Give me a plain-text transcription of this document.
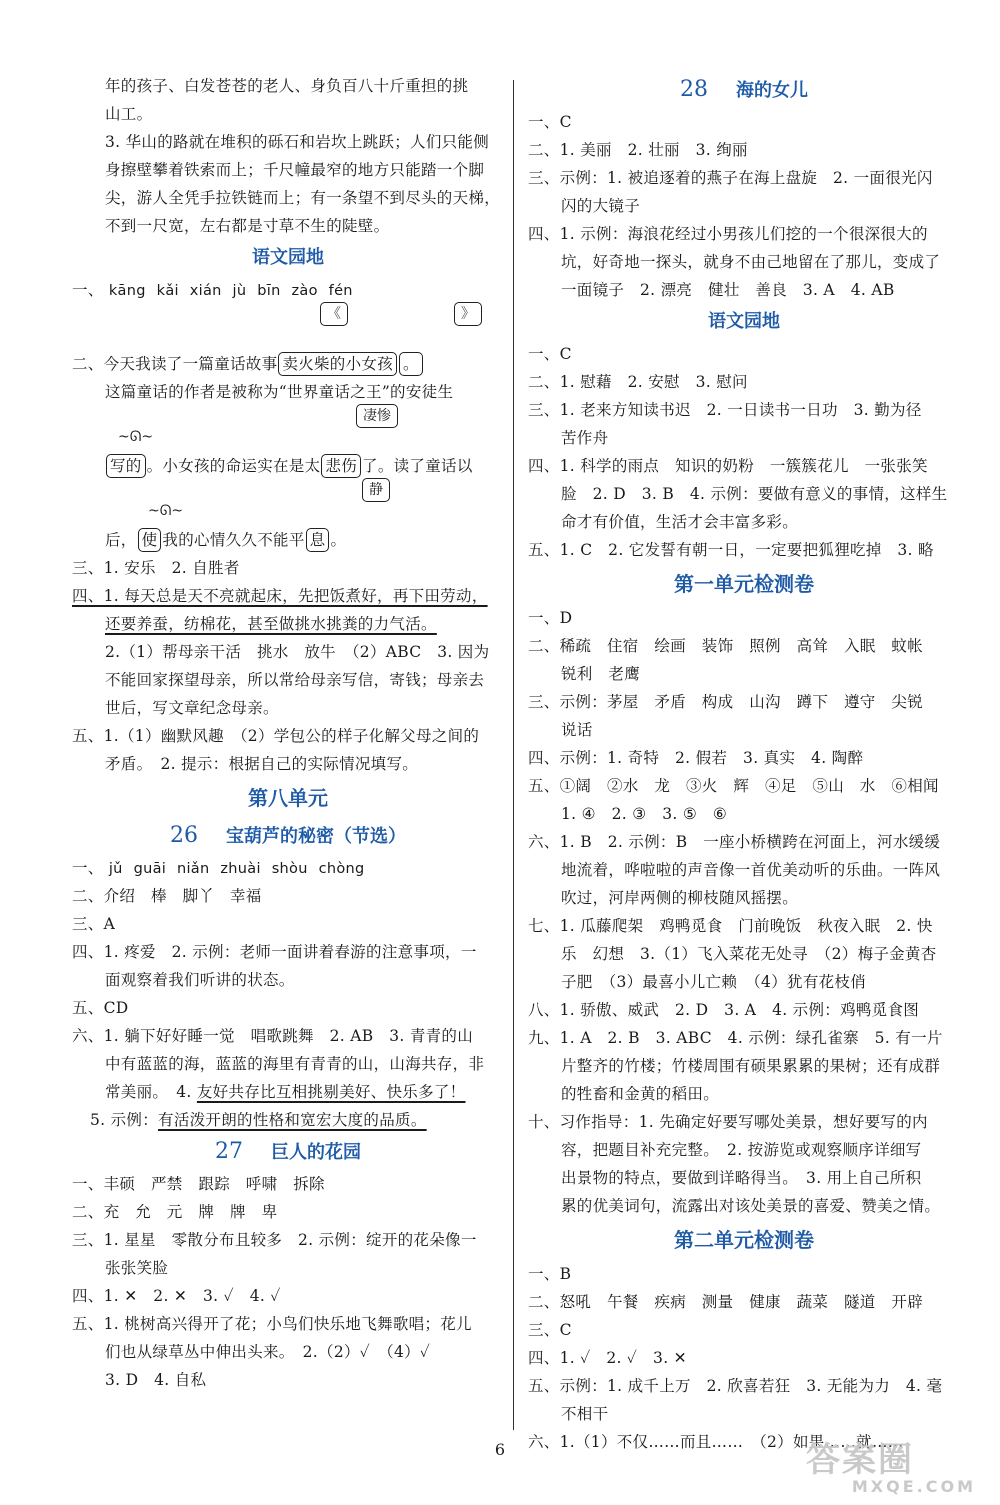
年的孩子、白发苍苍的老人、身负百八十斤重担的挑
山工。
3. 华山的路就在堆积的砾石和岩坎上跳跃；人们只能侧
身擦壁攀着铁索而上；千尺幢最窄的地方只能踏一个脚
尖，游人全凭手拉铁链而上；有一条望不到尽头的天梯，
不到一尺宽，左右都是寸草不生的陡壁。
语文园地
一、 kāng kǎi xián jù bīn zào fén
《	》
二、今天我读了一篇童话故事 卖火柴的小女孩 。
这篇童话的作者是被称为“世界童话之王”的安徒生
~ᘏ~
凄惨
写的 。小女孩的命运实在是太 悲伤 了。读了童话以
~ᘏ~
静
后， 使 我的心情久久不能平 息 。
三、1. 安乐　2. 自胜者
四、1. 每天总是天不亮就起床，先把饭煮好，再下田劳动，
还要养蚕，纺棉花，甚至做挑水挑粪的力气活。
2.（1）帮母亲干活　挑水　放牛　（2）ABC　3. 因为
不能回家探望母亲，所以常给母亲写信，寄钱；母亲去
世后，写文章纪念母亲。
五、1.（1）幽默风趣　（2）学包公的样子化解父母之间的
矛盾。　2. 提示：根据自己的实际情况填写。
第八单元
26 宝葫芦的秘密（节选）
一、 jǔ guāi niǎn zhuài shòu chòng
二、介绍　棒　脚丫　幸福
三、A
四、1. 疼爱　2. 示例：老师一面讲着春游的注意事项，一
面观察着我们听讲的状态。
五、CD
六、1. 躺下好好睡一觉　唱歌跳舞　2. AB　3. 青青的山
中有蓝蓝的海，蓝蓝的海里有青青的山，山海共存，非
常美丽。　4. 友好共存比互相挑剔美好、快乐多了！
5. 示例：有活泼开朗的性格和宽宏大度的品质。
27 巨人的花园
一、丰硕　严禁　跟踪　呼啸　拆除
二、充　允　元　牌　牌　卑
三、1. 星星　零散分布且较多　2. 示例：绽开的花朵像一
张张笑脸
四、1. ✕　2. ✕　3. ✓　4. ✓
五、1. 桃树高兴得开了花；小鸟们快乐地飞舞歌唱；花儿
们也从绿草丛中伸出头来。　2.（2）✓　（4）✓
3. D　4. 自私
28 海的女儿
一、C
二、1. 美丽　2. 壮丽　3. 绚丽
三、示例：1. 被追逐着的燕子在海上盘旋　2. 一面很光闪
闪的大镜子
四、1. 示例：海浪花经过小男孩儿们挖的一个很深很大的
坑，好奇地一探头，就身不由己地留在了那儿，变成了
一面镜子　2. 漂亮　健壮　善良　3. A　4. AB
语文园地
一、C
二、1. 慰藉　2. 安慰　3. 慰问
三、1. 老来方知读书迟　2. 一日读书一日功　3. 勤为径
苦作舟
四、1. 科学的雨点　知识的奶粉　一簇簇花儿　一张张笑
脸　2. D　3. B　4. 示例：要做有意义的事情，这样生
命才有价值，生活才会丰富多彩。
五、1. C　2. 它发誓有朝一日，一定要把狐狸吃掉　3. 略
第一单元检测卷
一、D
二、稀疏　住宿　绘画　装饰　照例　高耸　入眠　蚊帐
锐利　老鹰
三、示例：茅屋　矛盾　构成　山沟　蹲下　遵守　尖锐
说话
四、示例：1. 奇特　2. 假若　3. 真实　4. 陶醉
五、①阔　②水　龙　③火　辉　④足　⑤山　水　⑥相闻
1. ④　2. ③　3. ⑤　⑥
六、1. B　2. 示例：B　一座小桥横跨在河面上，河水缓缓
地流着，哗啦啦的声音像一首优美动听的乐曲。一阵风
吹过，河岸两侧的柳枝随风摇摆。
七、1. 瓜藤爬架　鸡鸭觅食　门前晚饭　秋夜入眠　2. 快
乐　幻想　3.（1）飞入菜花无处寻　（2）梅子金黄杏
子肥　（3）最喜小儿亡赖　（4）犹有花枝俏
八、1. 骄傲、威武　2. D　3. A　4. 示例：鸡鸭觅食图
九、1. A　2. B　3. ABC　4. 示例：绿孔雀寨　5. 有一片
片整齐的竹楼；竹楼周围有硕果累累的果树；还有成群
的牲畜和金黄的稻田。
十、习作指导：1. 先确定好要写哪处美景，想好要写的内
容，把题目补充完整。　2. 按游览或观察顺序详细写
出景物的特点，要做到详略得当。　3. 用上自己所积
累的优美词句，流露出对该处美景的喜爱、赞美之情。
第二单元检测卷
一、B
二、怒吼　午餐　疾病　测量　健康　蔬菜　隧道　开辟
三、C
四、1. ✓　2. ✓　3. ✕
五、示例：1. 成千上万　2. 欣喜若狂　3. 无能为力　4. 毫
不相干
六、1.（1）不仅……而且……　（2）如果……就……
6	答案圈
MXQE.COM
